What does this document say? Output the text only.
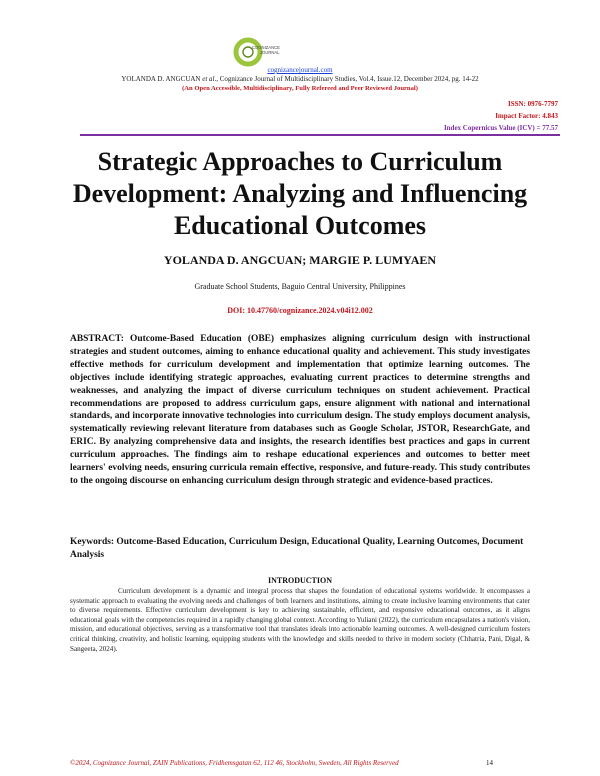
COGNIZANCE
JOURNAL
cognizancejournal.com
YOLANDA D. ANGCUAN et al., Cognizance Journal of Multidisciplinary Studies, Vol.4, Issue.12, December 2024, pg. 14-22
(An Open Accessible, Multidisciplinary, Fully Refereed and Peer Reviewed Journal)
ISSN: 0976-7797
Impact Factor: 4.843
Index Copernicus Value (ICV) = 77.57
Strategic Approaches to Curriculum Development: Analyzing and Influencing Educational Outcomes
YOLANDA D. ANGCUAN; MARGIE P. LUMYAEN
Graduate School Students, Baguio Central University, Philippines
DOI: 10.47760/cognizance.2024.v04i12.002
ABSTRACT: Outcome-Based Education (OBE) emphasizes aligning curriculum design with instructional strategies and student outcomes, aiming to enhance educational quality and achievement. This study investigates effective methods for curriculum development and implementation that optimize learning outcomes. The objectives include identifying strategic approaches, evaluating current practices to determine strengths and weaknesses, and analyzing the impact of diverse curriculum techniques on student achievement. Practical recommendations are proposed to address curriculum gaps, ensure alignment with national and international standards, and incorporate innovative technologies into curriculum design. The study employs document analysis, systematically reviewing relevant literature from databases such as Google Scholar, JSTOR, ResearchGate, and ERIC. By analyzing comprehensive data and insights, the research identifies best practices and gaps in current curriculum approaches. The findings aim to reshape educational experiences and outcomes to better meet learners' evolving needs, ensuring curricula remain effective, responsive, and future-ready. This study contributes to the ongoing discourse on enhancing curriculum design through strategic and evidence-based practices.
Keywords: Outcome-Based Education, Curriculum Design, Educational Quality, Learning Outcomes, Document Analysis
INTRODUCTION
Curriculum development is a dynamic and integral process that shapes the foundation of educational systems worldwide. It encompasses a systematic approach to evaluating the evolving needs and challenges of both learners and institutions, aiming to create inclusive learning environments that cater to diverse requirements. Effective curriculum development is key to achieving sustainable, efficient, and responsive educational outcomes, as it aligns educational goals with the competencies required in a rapidly changing global context. According to Yuliani (2022), the curriculum encapsulates a nation's vision, mission, and educational objectives, serving as a transformative tool that translates ideals into actionable learning outcomes. A well-designed curriculum fosters critical thinking, creativity, and holistic learning, equipping students with the knowledge and skills needed to thrive in modern society (Chhatria, Pani, Digal, & Sangeeta, 2024).
©2024, Cognizance Journal, ZAIN Publications, Fridhemsgatan 62, 112 46, Stockholm, Sweden, All Rights Reserved	14
